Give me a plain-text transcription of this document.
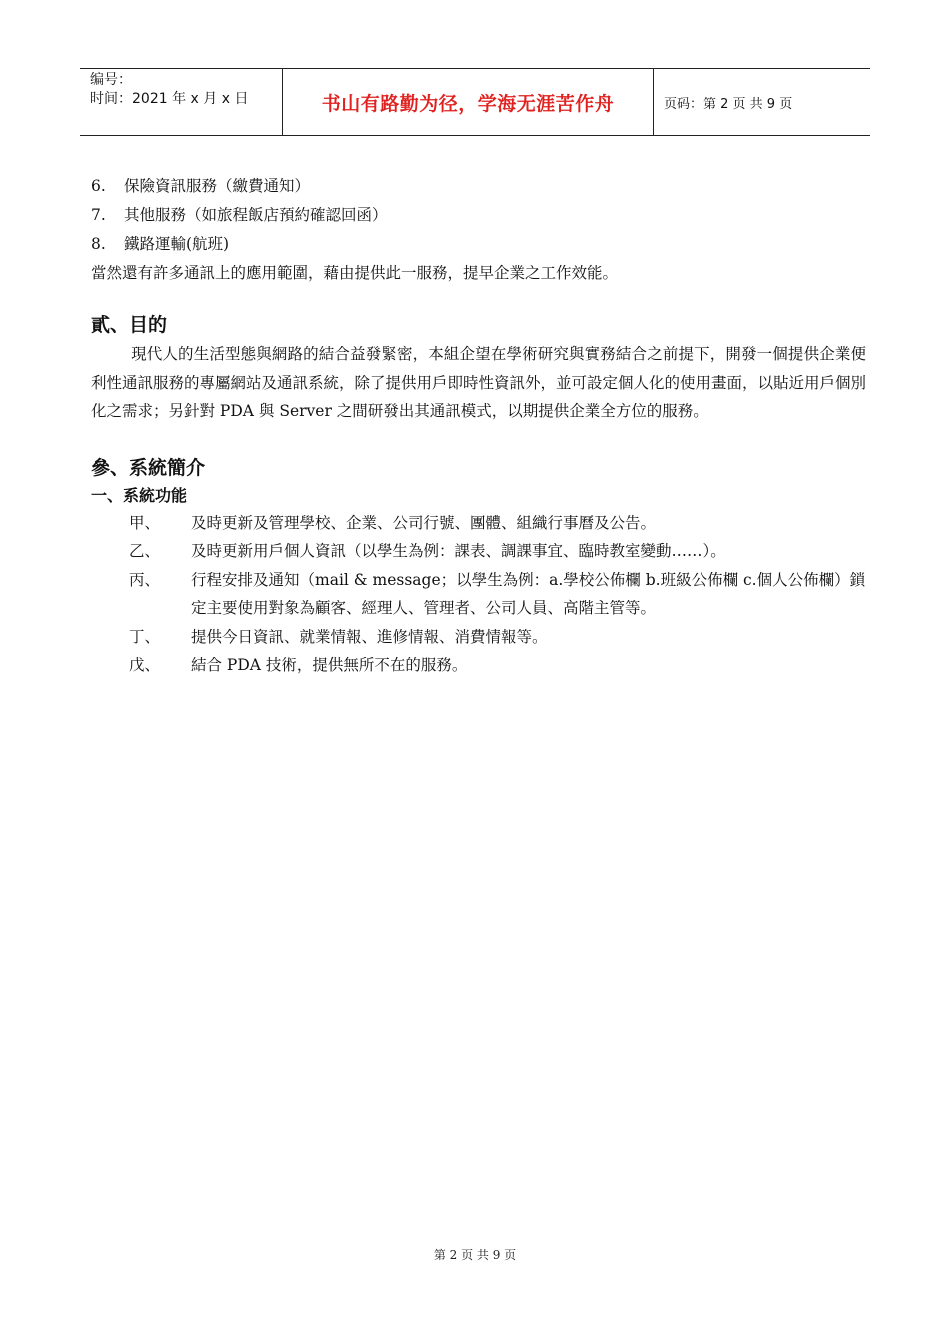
编号：
时间：2021 年 x 月 x 日	书山有路勤为径，学海无涯苦作舟	页码：第 2 页 共 9 页
6. 保險資訊服務（繳費通知）
7. 其他服務（如旅程飯店預約確認回函）
8. 鐵路運輸(航班)
當然還有許多通訊上的應用範圍，藉由提供此一服務，提早企業之工作效能。
貳、目的
現代人的生活型態與網路的結合益發緊密，本組企望在學術研究與實務結合之前提下，開發一個提供企業便利性通訊服務的專屬網站及通訊系統，除了提供用戶即時性資訊外，並可設定個人化的使用畫面，以貼近用戶個別化之需求；另針對 PDA 與 Server 之間研發出其通訊模式，以期提供企業全方位的服務。
參、系統簡介
一、系統功能
甲、	及時更新及管理學校、企業、公司行號、團體、組織行事曆及公告。
乙、	及時更新用戶個人資訊（以學生為例：課表、調課事宜、臨時教室變動……）。
丙、	行程安排及通知（mail & message；以學生為例：a.學校公佈欄 b.班級公佈欄 c.個人公佈欄）鎖定主要使用對象為顧客、經理人、管理者、公司人員、高階主管等。
丁、	提供今日資訊、就業情報、進修情報、消費情報等。
戊、	結合 PDA 技術，提供無所不在的服務。
第 2 页 共 9 页
